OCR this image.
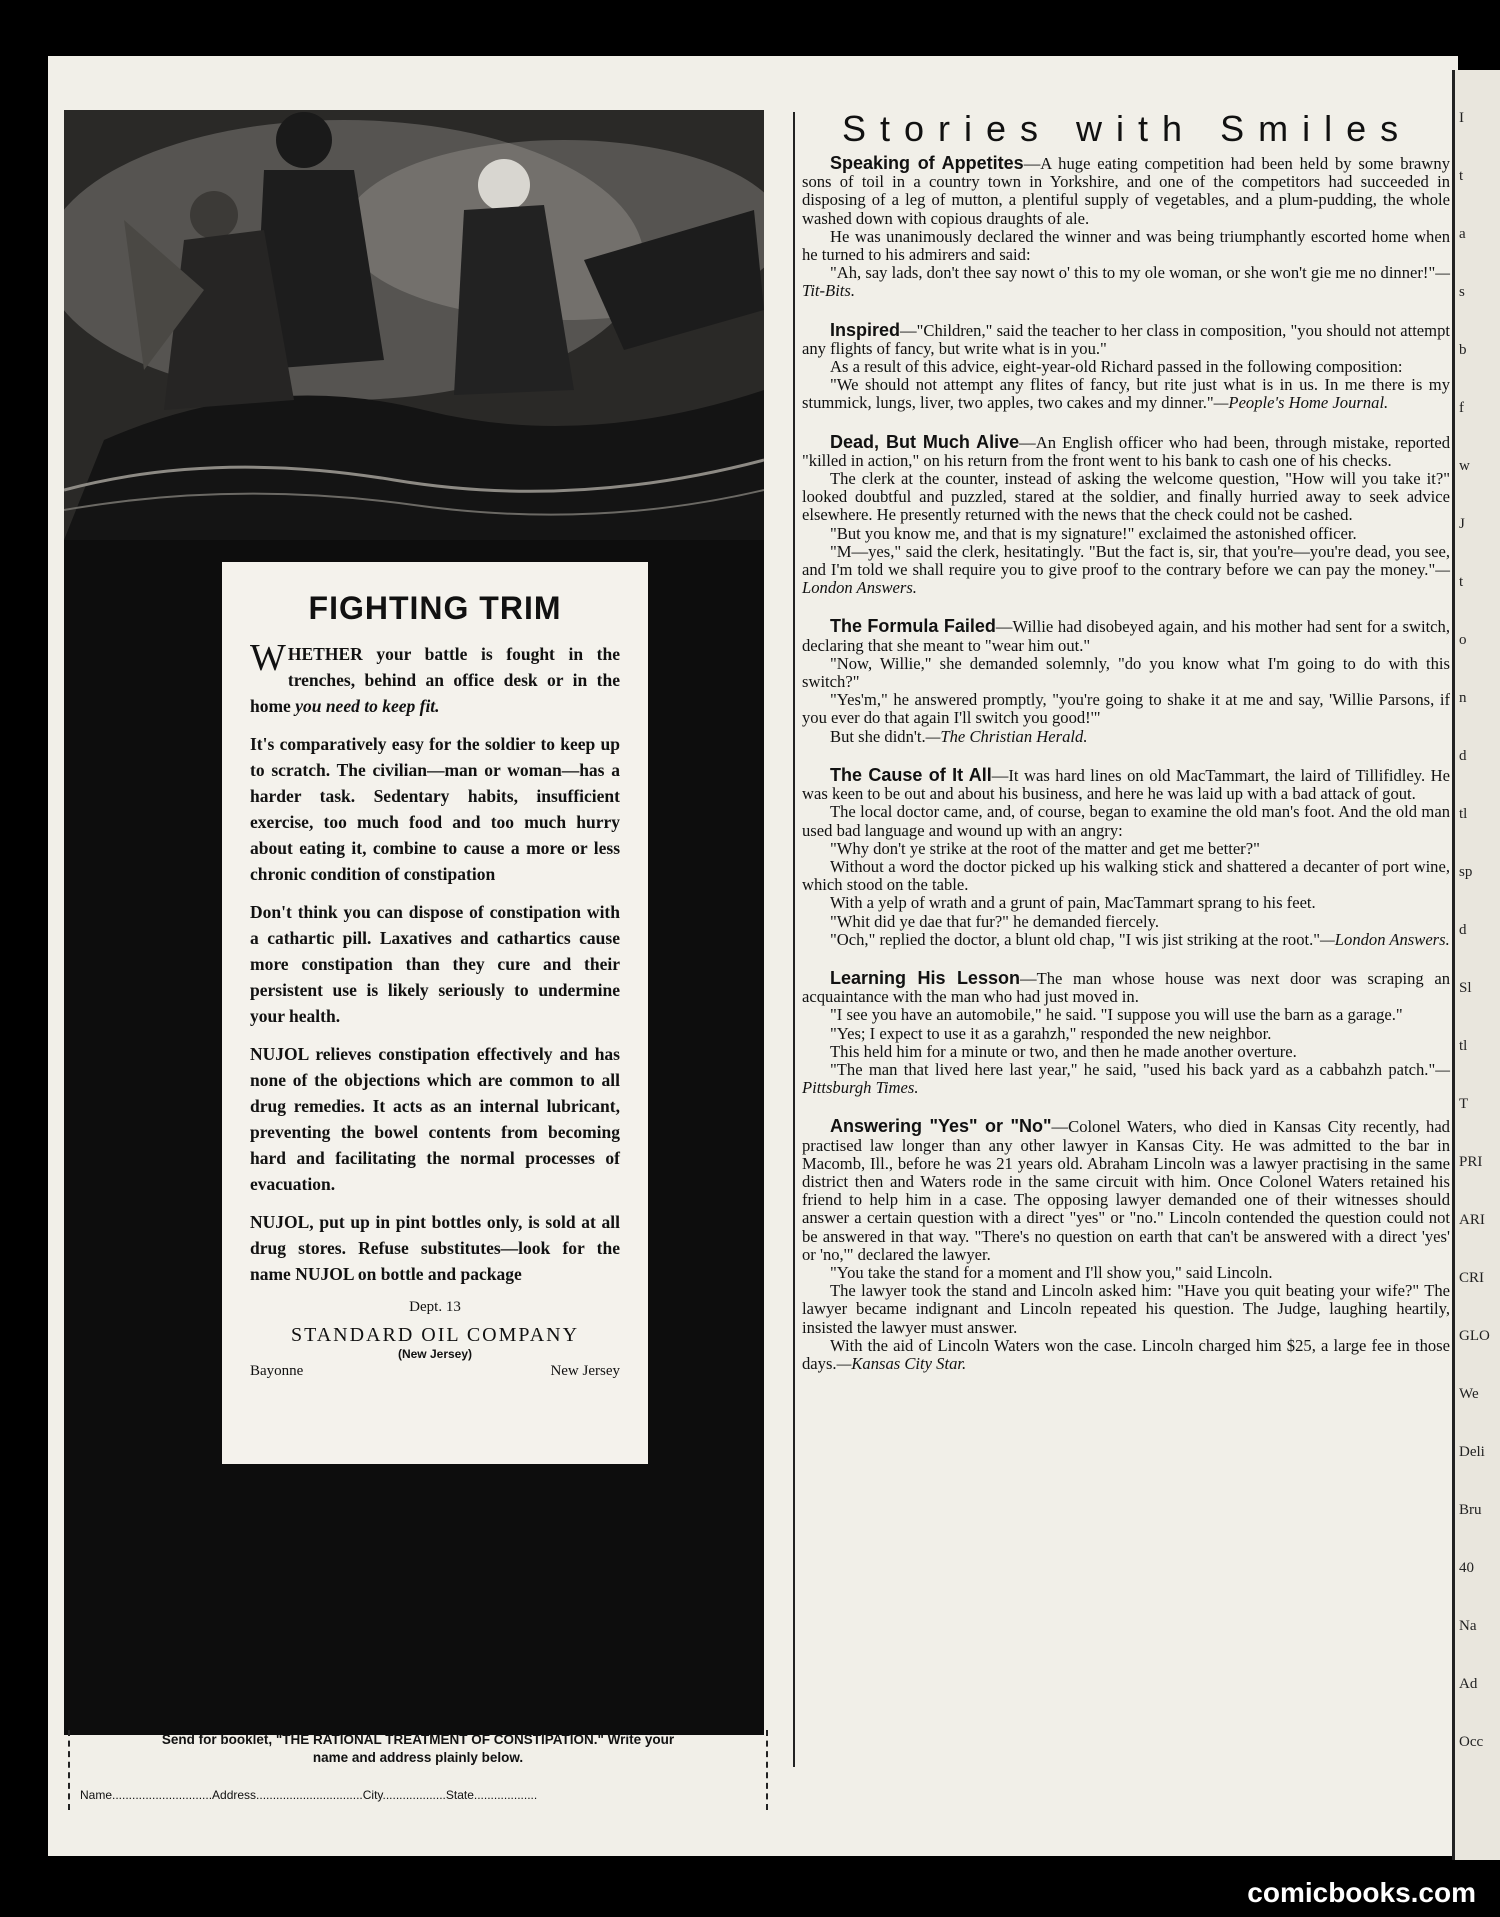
I
t
a
s
b
f
w
J
t
o
n
d
tl
sp
d
Sl
tl
T
PRI
ARI
CRI
GLO
We
Deli
Bru
40
Na
Ad
Occ
FIGHTING TRIM

WHETHER your battle is fought in the trenches, behind an office desk or in the home you need to keep fit.

It's comparatively easy for the soldier to keep up to scratch. The civilian—man or woman—has a harder task. Sedentary habits, insufficient exercise, too much food and too much hurry about eating it, combine to cause a more or less chronic condition of constipation

Don't think you can dispose of constipation with a cathartic pill. Laxatives and cathartics cause more constipation than they cure and their persistent use is likely seriously to undermine your health.

NUJOL relieves constipation effectively and has none of the objections which are common to all drug remedies. It acts as an internal lubricant, preventing the bowel contents from becoming hard and facilitating the normal processes of evacuation.

NUJOL, put up in pint bottles only, is sold at all drug stores. Refuse substitutes—look for the name NUJOL on bottle and package

Dept. 13
STANDARD OIL COMPANY
(New Jersey)
Bayonne	New Jersey
Send for booklet, "THE RATIONAL TREATMENT OF CONSTIPATION." Write your
name and address plainly below.
Name..............................Address................................City...................State...................
Stories with Smiles

Speaking of Appetites—A huge eating competition had been held by some brawny sons of toil in a country town in Yorkshire, and one of the competitors had succeeded in disposing of a leg of mutton, a plentiful supply of vegetables, and a plum-pudding, the whole washed down with copious draughts of ale.

He was unanimously declared the winner and was being triumphantly escorted home when he turned to his admirers and said:

"Ah, say lads, don't thee say nowt o' this to my ole woman, or she won't gie me no dinner!"—Tit-Bits.

Inspired—"Children," said the teacher to her class in composition, "you should not attempt any flights of fancy, but write what is in you."

As a result of this advice, eight-year-old Richard passed in the following composition:

"We should not attempt any flites of fancy, but rite just what is in us. In me there is my stummick, lungs, liver, two apples, two cakes and my dinner."—People's Home Journal.

Dead, But Much Alive—An English officer who had been, through mistake, reported "killed in action," on his return from the front went to his bank to cash one of his checks.

The clerk at the counter, instead of asking the welcome question, "How will you take it?" looked doubtful and puzzled, stared at the soldier, and finally hurried away to seek advice elsewhere. He presently returned with the news that the check could not be cashed.

"But you know me, and that is my signature!" exclaimed the astonished officer.

"M—yes," said the clerk, hesitatingly. "But the fact is, sir, that you're—you're dead, you see, and I'm told we shall require you to give proof to the contrary before we can pay the money."—London Answers.

The Formula Failed—Willie had disobeyed again, and his mother had sent for a switch, declaring that she meant to "wear him out."

"Now, Willie," she demanded solemnly, "do you know what I'm going to do with this switch?"

"Yes'm," he answered promptly, "you're going to shake it at me and say, 'Willie Parsons, if you ever do that again I'll switch you good!'"

But she didn't.—The Christian Herald.

The Cause of It All—It was hard lines on old MacTammart, the laird of Tillifidley. He was keen to be out and about his business, and here he was laid up with a bad attack of gout.

The local doctor came, and, of course, began to examine the old man's foot. And the old man used bad language and wound up with an angry:

"Why don't ye strike at the root of the matter and get me better?"

Without a word the doctor picked up his walking stick and shattered a decanter of port wine, which stood on the table.

With a yelp of wrath and a grunt of pain, MacTammart sprang to his feet.

"Whit did ye dae that fur?" he demanded fiercely.

"Och," replied the doctor, a blunt old chap, "I wis jist striking at the root."—London Answers.

Learning His Lesson—The man whose house was next door was scraping an acquaintance with the man who had just moved in.

"I see you have an automobile," he said. "I suppose you will use the barn as a garage."

"Yes; I expect to use it as a garahzh," responded the new neighbor.

This held him for a minute or two, and then he made another overture.

"The man that lived here last year," he said, "used his back yard as a cabbahzh patch."—Pittsburgh Times.

Answering "Yes" or "No"—Colonel Waters, who died in Kansas City recently, had practised law longer than any other lawyer in Kansas City. He was admitted to the bar in Macomb, Ill., before he was 21 years old. Abraham Lincoln was a lawyer practising in the same district then and Waters rode in the same circuit with him. Once Colonel Waters retained his friend to help him in a case. The opposing lawyer demanded one of their witnesses should answer a certain question with a direct "yes" or "no." Lincoln contended the question could not be answered in that way. "There's no question on earth that can't be answered with a direct 'yes' or 'no,'" declared the lawyer.

"You take the stand for a moment and I'll show you," said Lincoln.

The lawyer took the stand and Lincoln asked him: "Have you quit beating your wife?" The lawyer became indignant and Lincoln repeated his question. The Judge, laughing heartily, insisted the lawyer must answer.

With the aid of Lincoln Waters won the case. Lincoln charged him $25, a large fee in those days.—Kansas City Star.

comicbooks.com
